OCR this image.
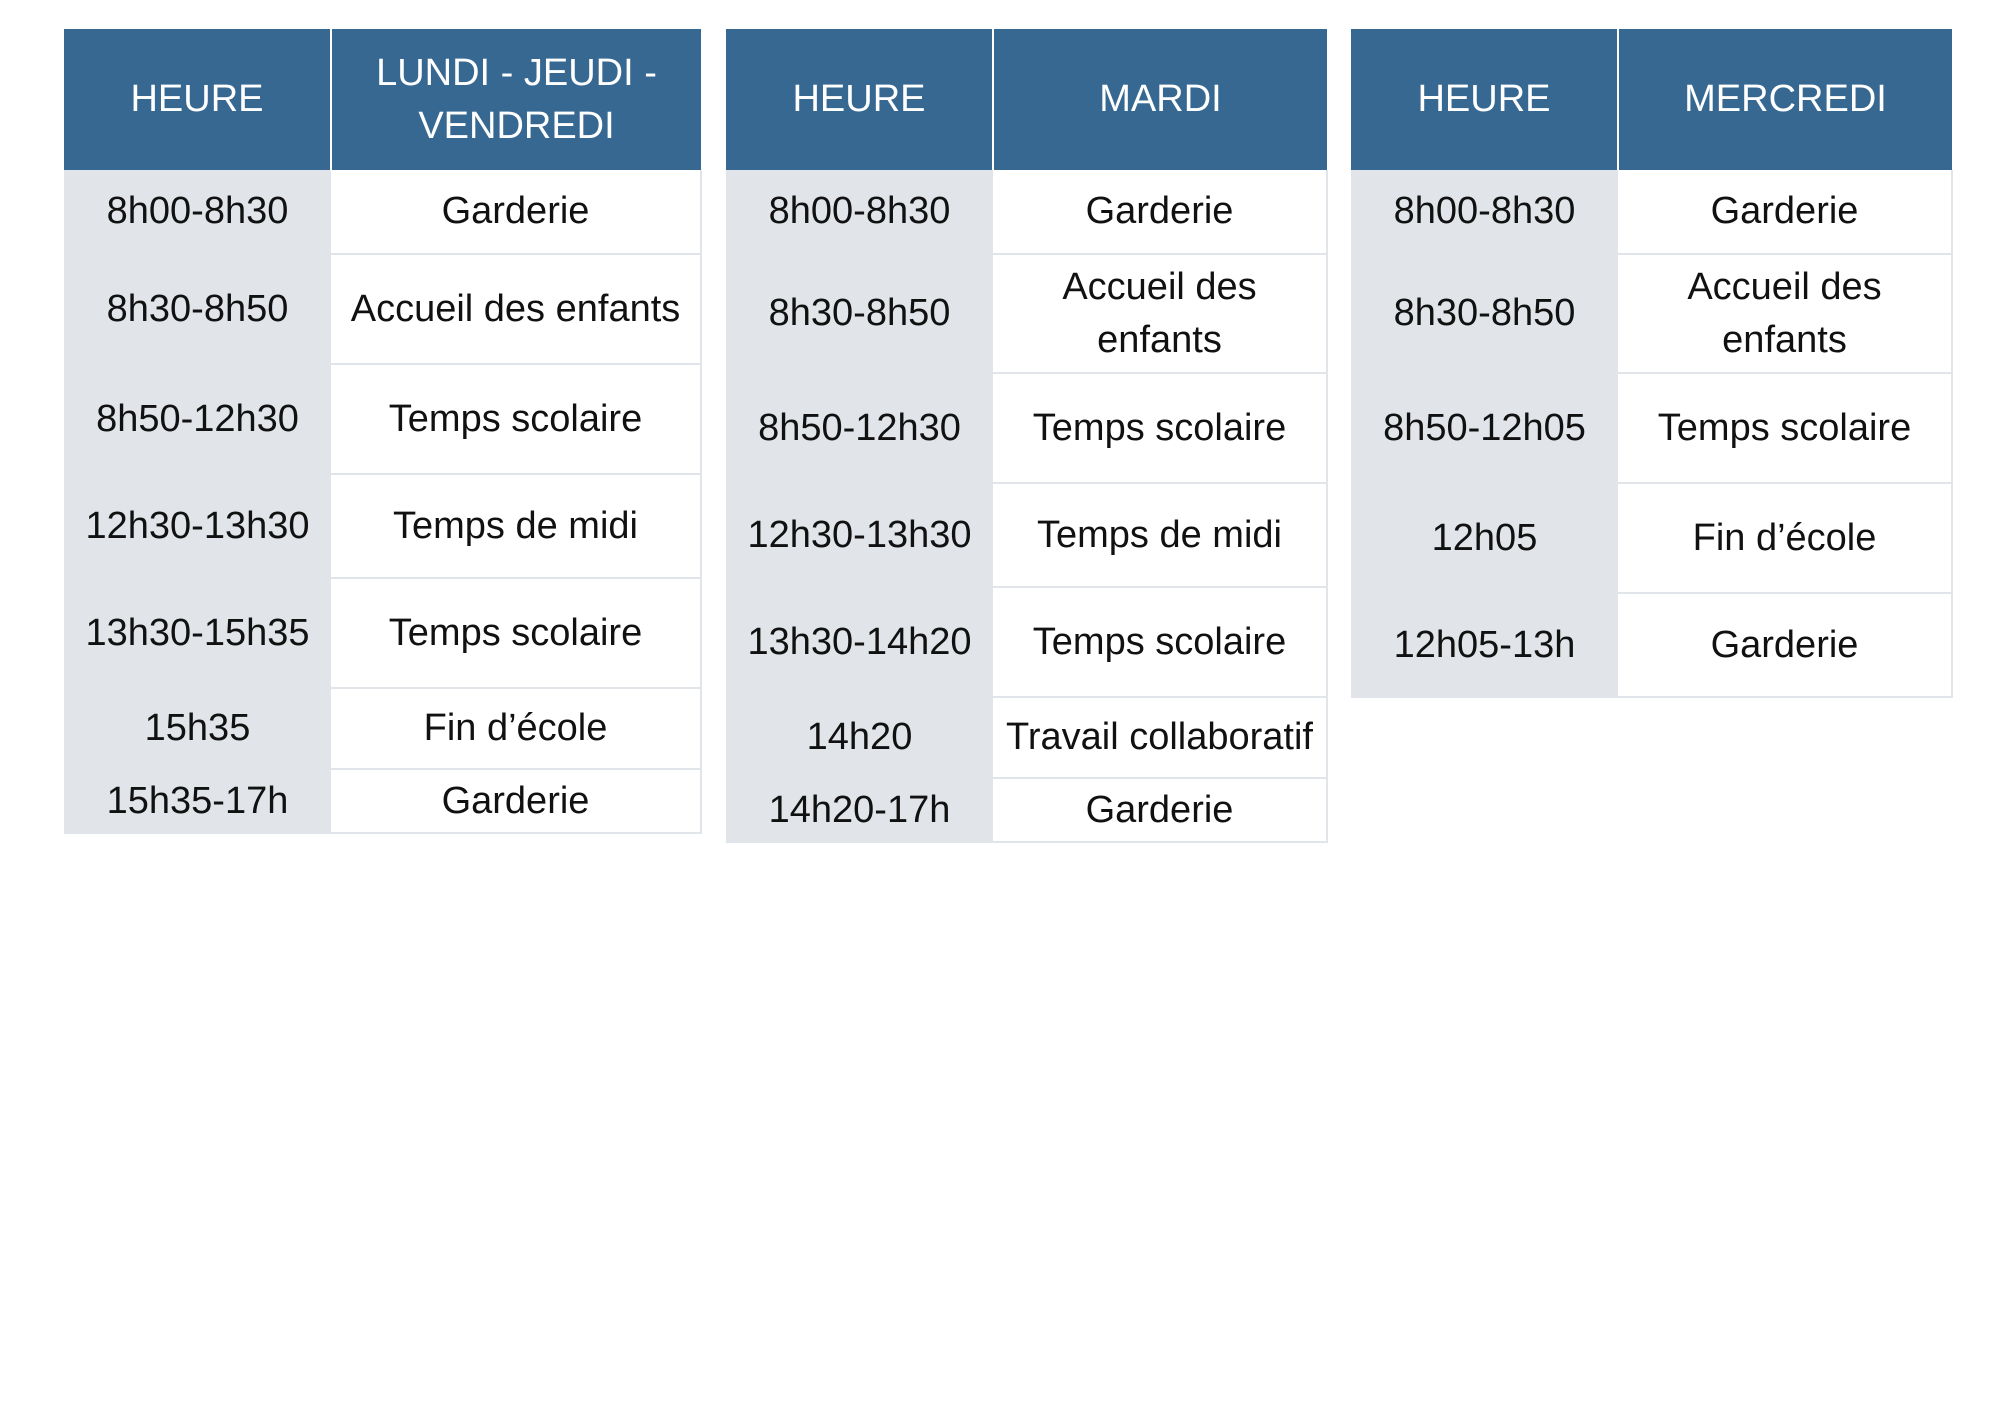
HEURE	LUNDI - JEUDI - VENDREDI
8h00-8h30	Garderie
8h30-8h50	Accueil des enfants
8h50-12h30	Temps scolaire
12h30-13h30	Temps de midi
13h30-15h35	Temps scolaire
15h35	Fin d’école
15h35-17h	Garderie
HEURE	MARDI
8h00-8h30	Garderie
8h30-8h50	Accueil des enfants
8h50-12h30	Temps scolaire
12h30-13h30	Temps de midi
13h30-14h20	Temps scolaire
14h20	Travail collaboratif
14h20-17h	Garderie
HEURE	MERCREDI
8h00-8h30	Garderie
8h30-8h50	Accueil des enfants
8h50-12h05	Temps scolaire
12h05	Fin d’école
12h05-13h	Garderie
